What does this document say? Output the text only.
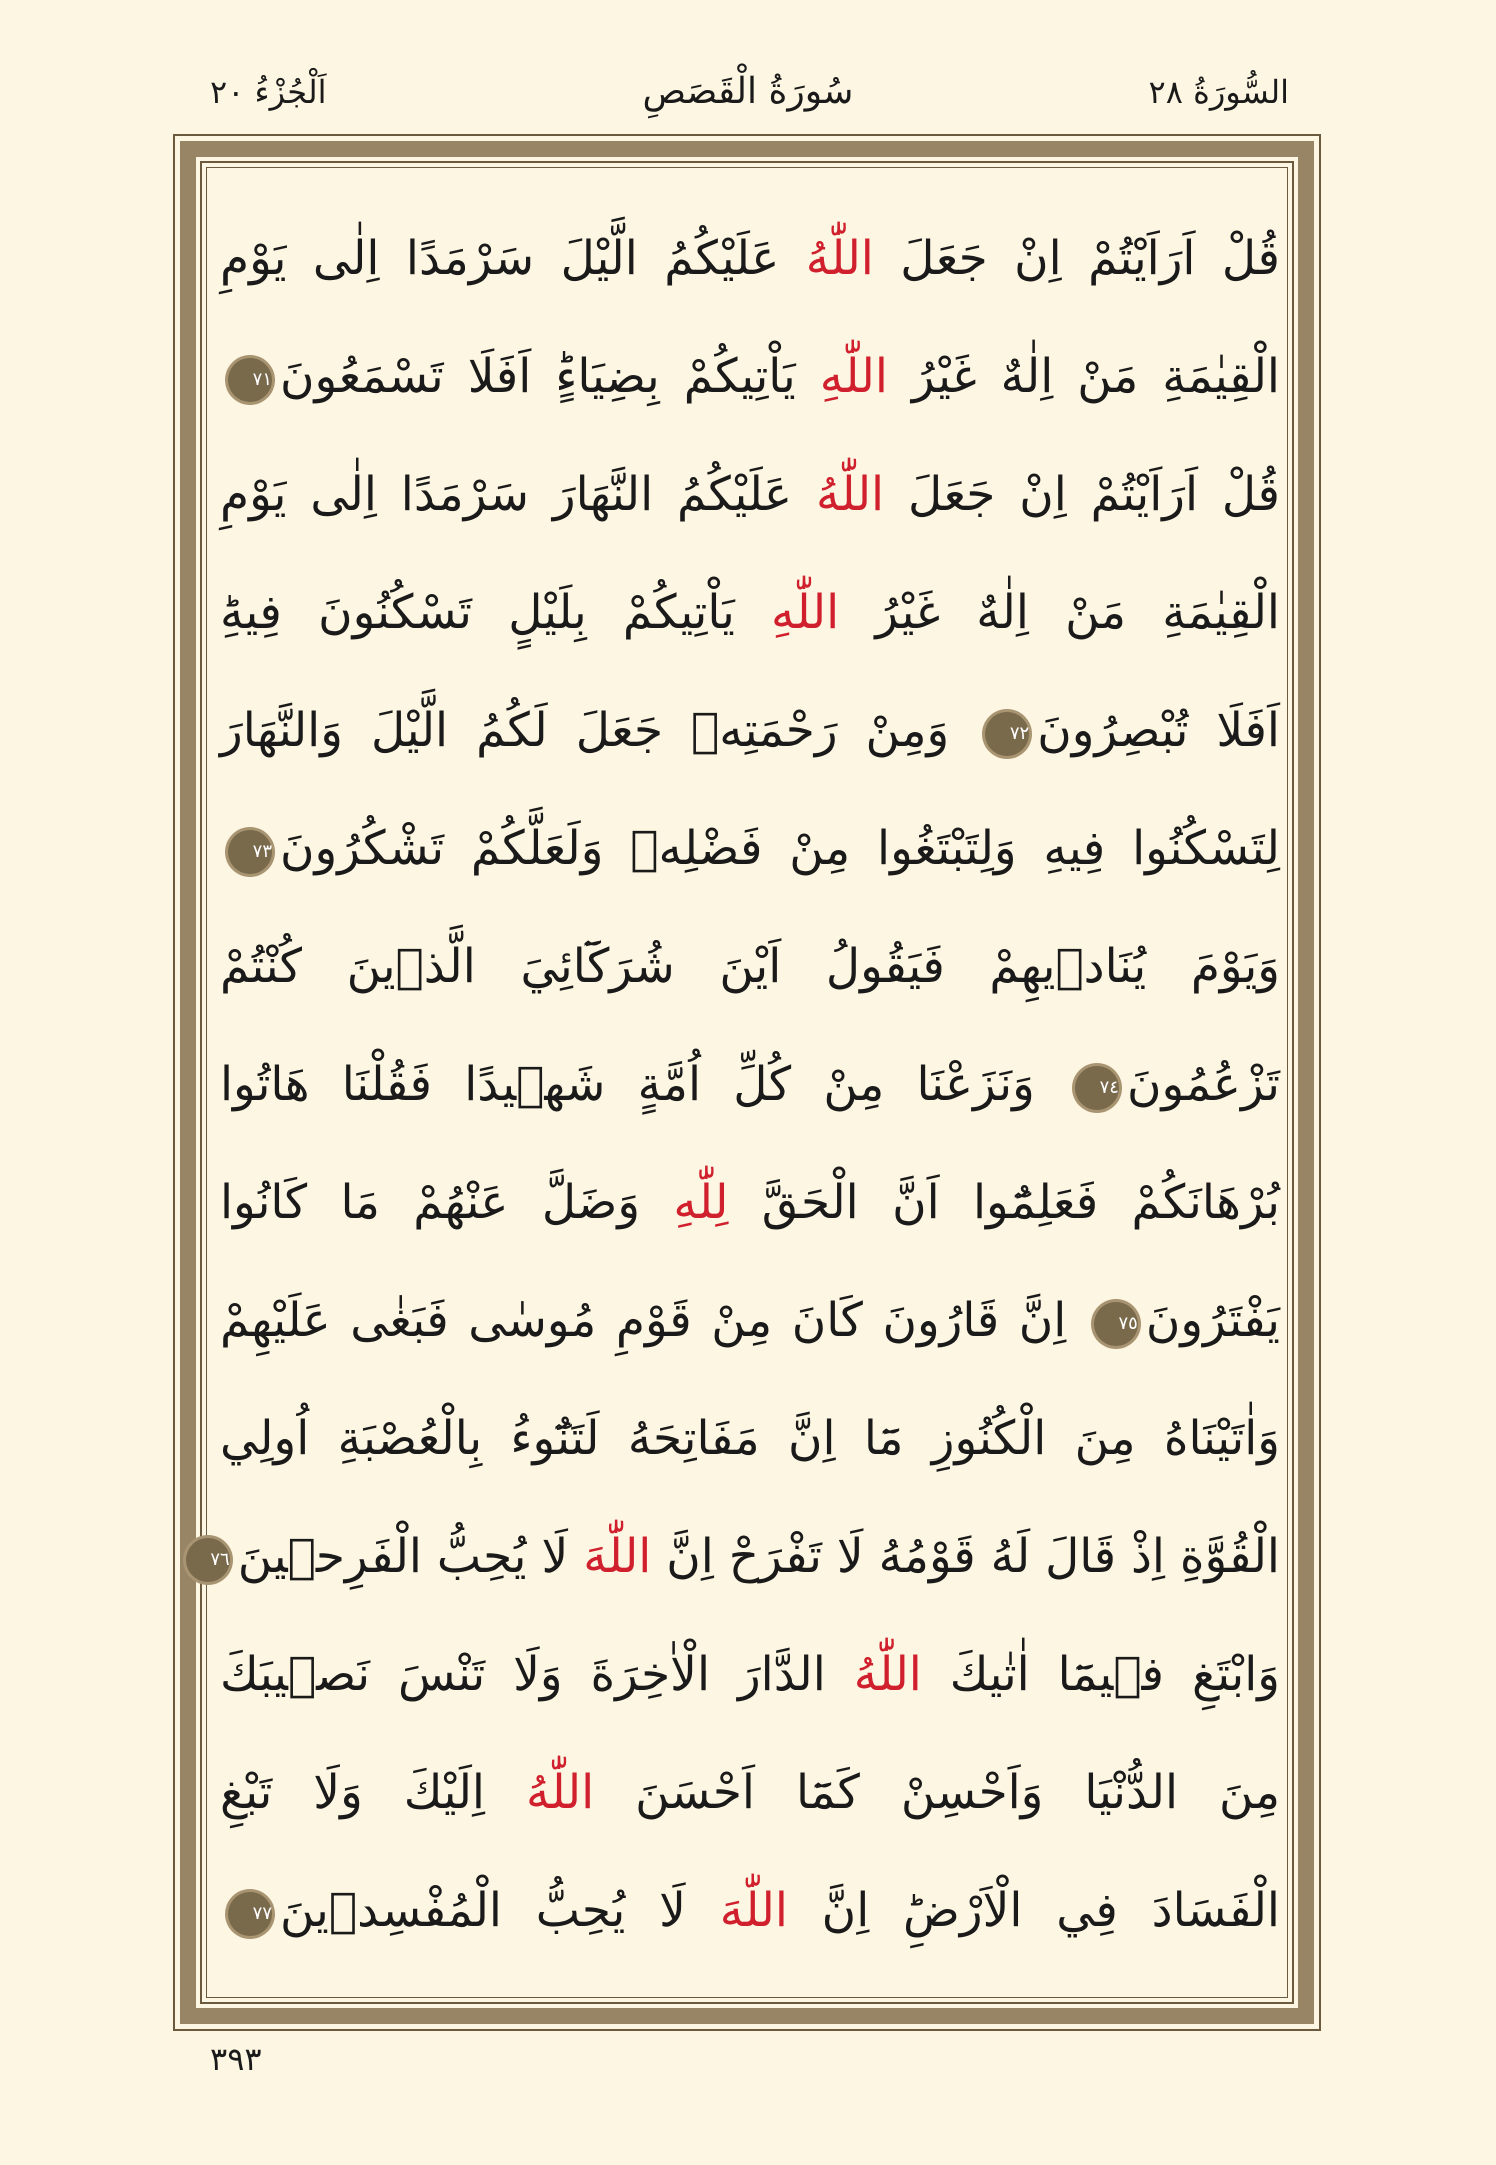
السُّورَةُ ٢٨
سُورَةُ الْقَصَصِ
اَلْجُزْءُ ٢٠
قُلْ اَرَاَيْتُمْ اِنْ جَعَلَ اللّٰهُ عَلَيْكُمُ الَّيْلَ سَرْمَدًا اِلٰى يَوْمِ
الْقِيٰمَةِ مَنْ اِلٰهٌ غَيْرُ اللّٰهِ يَاْتِيكُمْ بِضِيَاءٍؕ اَفَلَا تَسْمَعُونَ٧١
قُلْ اَرَاَيْتُمْ اِنْ جَعَلَ اللّٰهُ عَلَيْكُمُ النَّهَارَ سَرْمَدًا اِلٰى يَوْمِ
الْقِيٰمَةِ مَنْ اِلٰهٌ غَيْرُ اللّٰهِ يَاْتِيكُمْ بِلَيْلٍ تَسْكُنُونَ فِيهِؕ
اَفَلَا تُبْصِرُونَ٧٢ وَمِنْ رَحْمَتِهٖ جَعَلَ لَكُمُ الَّيْلَ وَالنَّهَارَ
لِتَسْكُنُوا فِيهِ وَلِتَبْتَغُوا مِنْ فَضْلِهٖ وَلَعَلَّكُمْ تَشْكُرُونَ٧٣
وَيَوْمَ يُنَادٖيهِمْ فَيَقُولُ اَيْنَ شُرَكَٓائِيَ الَّذٖينَ كُنْتُمْ
تَزْعُمُونَ٧٤ وَنَزَعْنَا مِنْ كُلِّ اُمَّةٍ شَهٖيدًا فَقُلْنَا هَاتُوا
بُرْهَانَكُمْ فَعَلِمُٓوا اَنَّ الْحَقَّ لِلّٰهِ وَضَلَّ عَنْهُمْ مَا كَانُوا
يَفْتَرُونَ٧٥ اِنَّ قَارُونَ كَانَ مِنْ قَوْمِ مُوسٰى فَبَغٰى عَلَيْهِمْ
وَاٰتَيْنَاهُ مِنَ الْكُنُوزِ مَٓا اِنَّ مَفَاتِحَهُ لَتَنُٓوءُ بِالْعُصْبَةِ اُولِي
الْقُوَّةِ اِذْ قَالَ لَهُ قَوْمُهُ لَا تَفْرَحْ اِنَّ اللّٰهَ لَا يُحِبُّ الْفَرِحٖينَ٧٦
وَابْتَغِ فٖيمَٓا اٰتٰيكَ اللّٰهُ الدَّارَ الْاٰخِرَةَ وَلَا تَنْسَ نَصٖيبَكَ
مِنَ الدُّنْيَا وَاَحْسِنْ كَمَٓا اَحْسَنَ اللّٰهُ اِلَيْكَ وَلَا تَبْغِ
الْفَسَادَ فِي الْاَرْضِؕ اِنَّ اللّٰهَ لَا يُحِبُّ الْمُفْسِدٖينَ٧٧
٣٩٣
